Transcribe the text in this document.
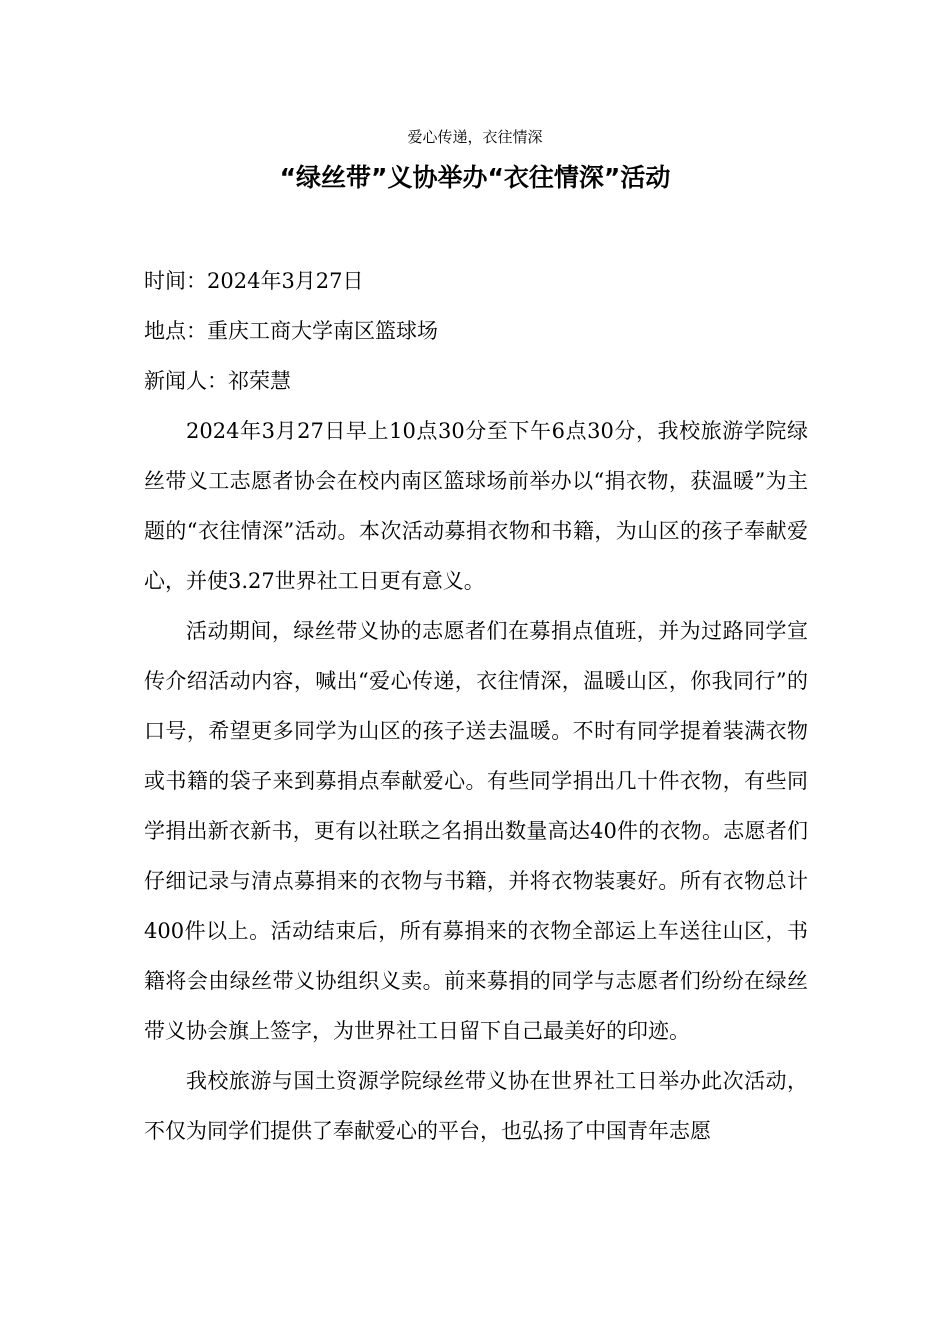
爱心传递，衣往情深
“绿丝带”义协举办“衣往情深”活动

时间：2024年3月27日

地点：重庆工商大学南区篮球场

新闻人：祁荣慧

2024年3月27日早上10点30分至下午6点30分，我校旅游学院绿丝带义工志愿者协会在校内南区篮球场前举办以“捐衣物，获温暖”为主题的“衣往情深”活动。本次活动募捐衣物和书籍，为山区的孩子奉献爱心，并使3.27世界社工日更有意义。

活动期间，绿丝带义协的志愿者们在募捐点值班，并为过路同学宣传介绍活动内容，喊出“爱心传递，衣往情深，温暖山区，你我同行”的口号，希望更多同学为山区的孩子送去温暖。不时有同学提着装满衣物或书籍的袋子来到募捐点奉献爱心。有些同学捐出几十件衣物，有些同学捐出新衣新书，更有以社联之名捐出数量高达40件的衣物。志愿者们仔细记录与清点募捐来的衣物与书籍，并将衣物装裹好。所有衣物总计400件以上。活动结束后，所有募捐来的衣物全部运上车送往山区，书籍将会由绿丝带义协组织义卖。前来募捐的同学与志愿者们纷纷在绿丝带义协会旗上签字，为世界社工日留下自己最美好的印迹。

我校旅游与国土资源学院绿丝带义协在世界社工日举办此次活动，不仅为同学们提供了奉献爱心的平台，也弘扬了中国青年志愿
